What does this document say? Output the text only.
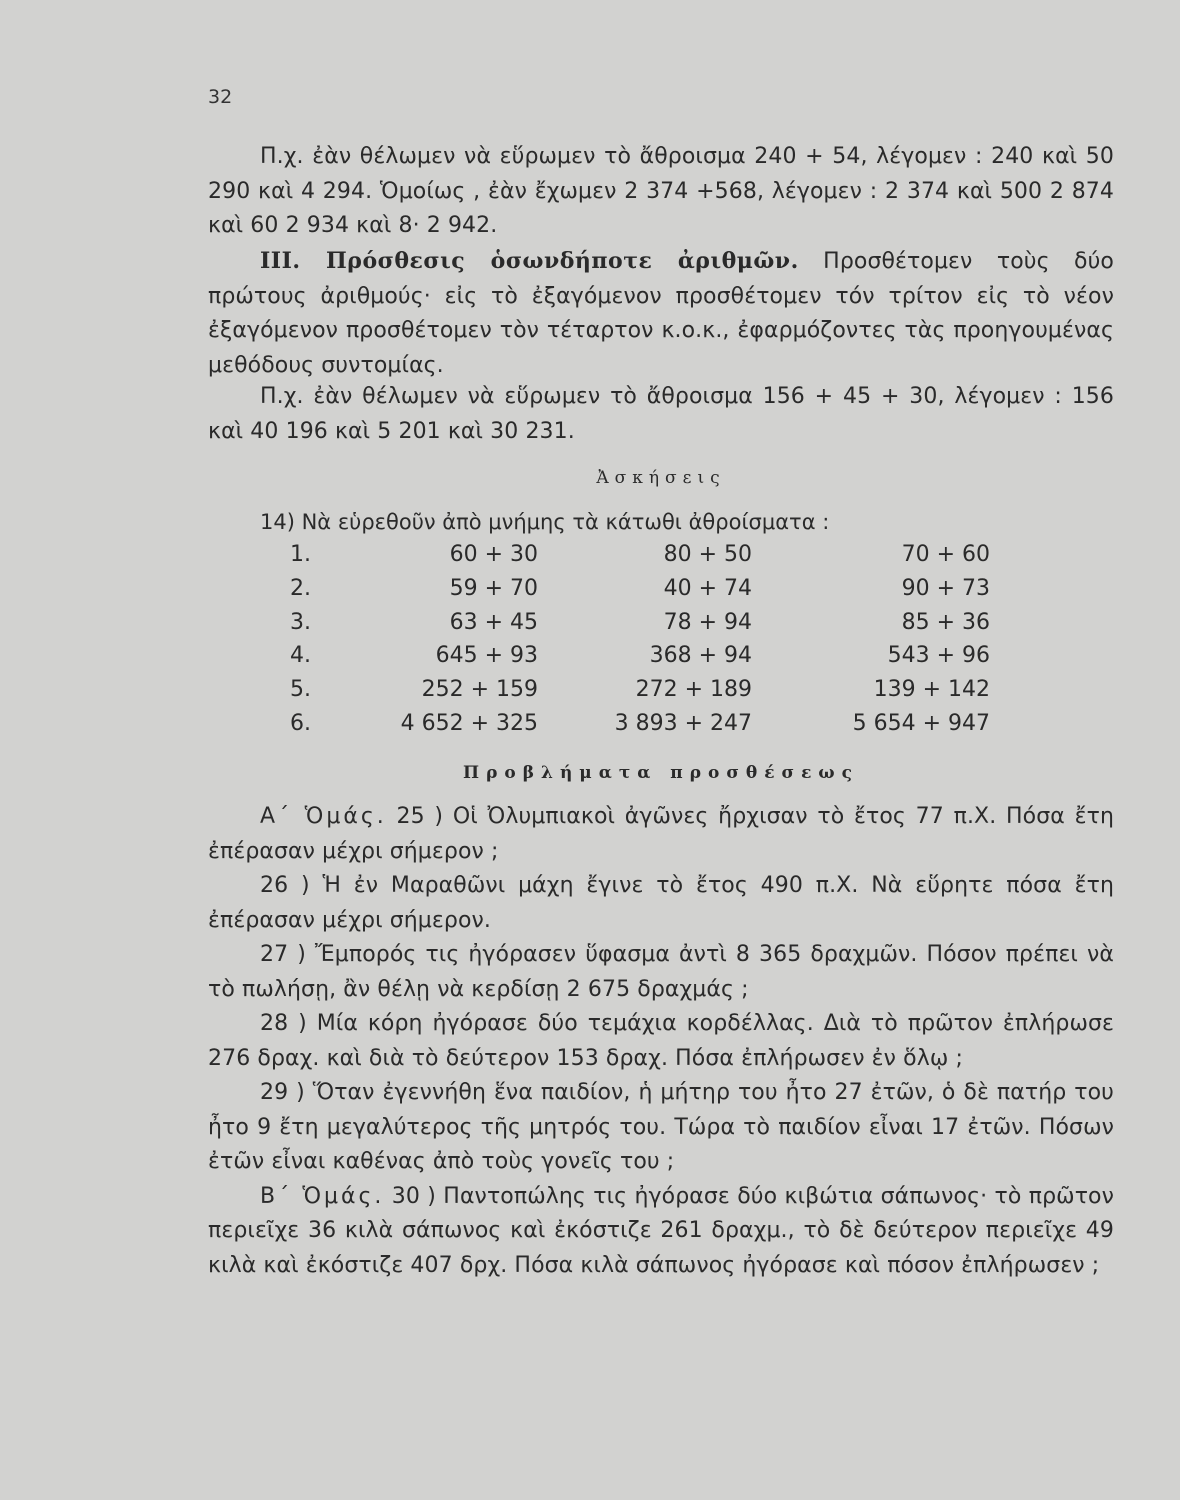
32

Π.χ. ἐὰν θέλωμεν νὰ εὕρωμεν τὸ ἄθροισμα 240 + 54, λέγομεν : 240 καὶ 50 290 καὶ 4 294. Ὁμοίως , ἐὰν ἔχωμεν 2 374 +568, λέγομεν : 2 374 καὶ 500 2 874 καὶ 60 2 934 καὶ 8· 2 942.

III. Πρόσθεσις ὁσωνδήποτε ἀριθμῶν. Προσθέτομεν τοὺς δύο πρώτους ἀριθμούς· εἰς τὸ ἐξαγόμενον προσθέτομεν τόν τρίτον εἰς τὸ νέον ἐξαγόμενον προσθέτομεν τὸν τέταρτον κ.ο.κ., ἐφαρμόζοντες τὰς προηγουμένας μεθόδους συντομίας.

Π.χ. ἐὰν θέλωμεν νὰ εὕρωμεν τὸ ἄθροισμα 156 + 45 + 30, λέγομεν : 156 καὶ 40 196 καὶ 5 201 καὶ 30 231.

Ἀσκήσεις
14) Νὰ εὑρεθοῦν ἀπὸ μνήμης τὰ κάτωθι ἀθροίσματα :
1.	60 + 30	80 + 50	70 + 60
2.	59 + 70	40 + 74	90 + 73
3.	63 + 45	78 + 94	85 + 36
4.	645 + 93	368 + 94	543 + 96
5.	252 + 159	272 + 189	139 + 142
6.	4 652 + 325	3 893 + 247	5 654 + 947
Προβλήματα προσθέσεως

Α΄ Ὁμάς. 25 ) Οἱ Ὀλυμπιακοὶ ἀγῶνες ἤρχισαν τὸ ἔτος 77 π.Χ. Πόσα ἔτη ἐπέρασαν μέχρι σήμερον ;

26 ) Ἡ ἐν Μαραθῶνι μάχη ἔγινε τὸ ἔτος 490 π.Χ. Νὰ εὕρητε πόσα ἔτη ἐπέρασαν μέχρι σήμερον.

27 ) Ἔμπορός τις ἠγόρασεν ὕφασμα ἀντὶ 8 365 δραχμῶν. Πόσον πρέπει νὰ τὸ πωλήσῃ, ἂν θέλῃ νὰ κερδίσῃ 2 675 δραχμάς ;

28 ) Μία κόρη ἠγόρασε δύο τεμάχια κορδέλλας. Διὰ τὸ πρῶτον ἐπλήρωσε 276 δραχ. καὶ διὰ τὸ δεύτερον 153 δραχ. Πόσα ἐπλήρωσεν ἐν ὅλῳ ;

29 ) Ὅταν ἐγεννήθη ἕνα παιδίον, ἡ μήτηρ του ἦτο 27 ἐτῶν, ὁ δὲ πατήρ του ἦτο 9 ἔτη μεγαλύτερος τῆς μητρός του. Τώρα τὸ παιδίον εἶναι 17 ἐτῶν. Πόσων ἐτῶν εἶναι καθένας ἀπὸ τοὺς γονεῖς του ;

Β΄ Ὁμάς. 30 ) Παντοπώλης τις ἠγόρασε δύο κιβώτια σάπωνος· τὸ πρῶτον περιεῖχε 36 κιλὰ σάπωνος καὶ ἐκόστιζε 261 δραχμ., τὸ δὲ δεύτερον περιεῖχε 49 κιλὰ καὶ ἐκόστιζε 407 δρχ. Πόσα κιλὰ σάπωνος ἠγόρασε καὶ πόσον ἐπλήρωσεν ;
